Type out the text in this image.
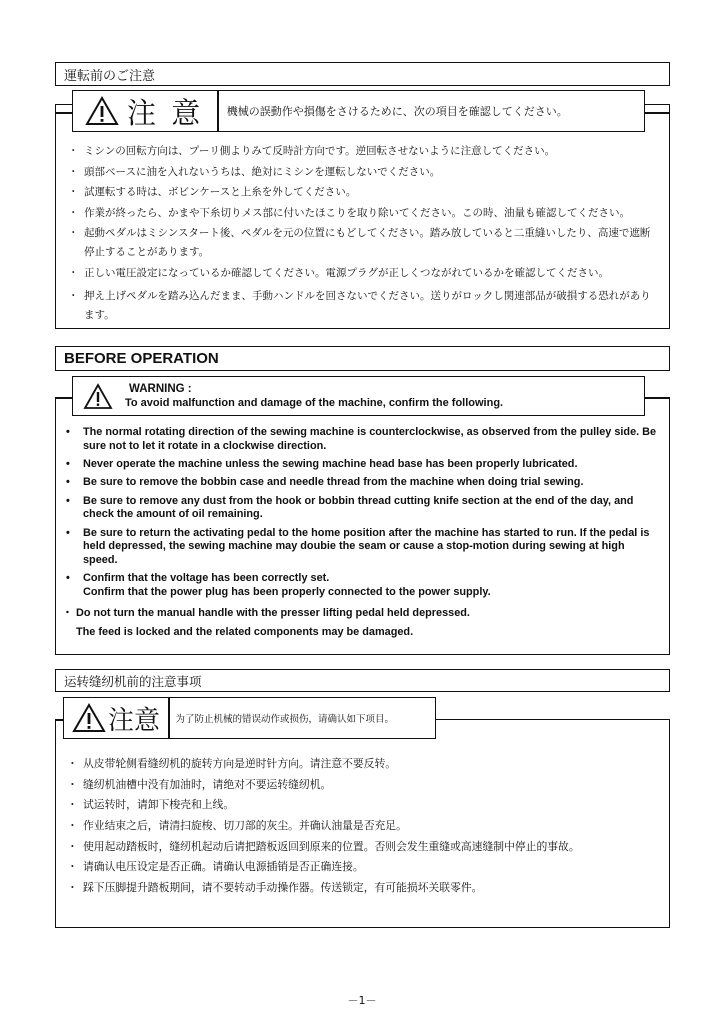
運転前のご注意
注 意 機械の誤動作や損傷をさけるために、次の項目を確認してください。
・ ミシンの回転方向は、プーリ側よりみて反時計方向です。逆回転させないように注意してください。
・ 頭部ベースに油を入れないうちは、絶対にミシンを運転しないでください。
・ 試運転する時は、ボビンケースと上糸を外してください。
・ 作業が終ったら、かまや下糸切りメス部に付いたほこりを取り除いてください。この時、油量も確認してください。
・ 起動ペダルはミシンスタート後、ペダルを元の位置にもどしてください。踏み放していると二重縫いしたり、高速で遮断停止することがあります。
・ 正しい電圧設定になっているか確認してください。電源プラグが正しくつながれているかを確認してください。
・ 押え上げペダルを踏み込んだまま、手動ハンドルを回さないでください。送りがロックし関連部品が破損する恐れがあります。
BEFORE OPERATION
WARNING :
To avoid malfunction and damage of the machine, confirm the following.
• The normal rotating direction of the sewing machine is counterclockwise, as observed from the pulley side. Be sure not to let it rotate in a clockwise direction.
• Never operate the machine unless the sewing machine head base has been properly lubricated.
• Be sure to remove the bobbin case and needle thread from the machine when doing trial sewing.
• Be sure to remove any dust from the hook or bobbin thread cutting knife section at the end of the day, and check the amount of oil remaining.
• Be sure to return the activating pedal to the home position after the machine has started to run. If the pedal is held depressed, the sewing machine may doubie the seam or cause a stop-motion during sewing at high speed.
• Confirm that the voltage has been correctly set.
Confirm that the power plug has been properly connected to the power supply.
・ Do not turn the manual handle with the presser lifting pedal held depressed.
The feed is locked and the related components may be damaged.
运转缝纫机前的注意事项
注意 为了防止机械的错误动作或损伤，请确认如下项目。
・ 从皮带轮侧看缝纫机的旋转方向是逆时针方向。请注意不要反转。
・ 缝纫机油槽中没有加油时，请绝对不要运转缝纫机。
・ 试运转时，请卸下梭壳和上线。
・ 作业结束之后，请清扫旋梭、切刀部的灰尘。并确认油量是否充足。
・ 使用起动踏板时，缝纫机起动后请把踏板返回到原来的位置。否则会发生重缝或高速缝制中停止的事故。
・ 请确认电压设定是否正确。请确认电源插销是否正确连接。
・ 踩下压脚提升踏板期间，请不要转动手动操作器。传送锁定，有可能损坏关联零件。
－1－
